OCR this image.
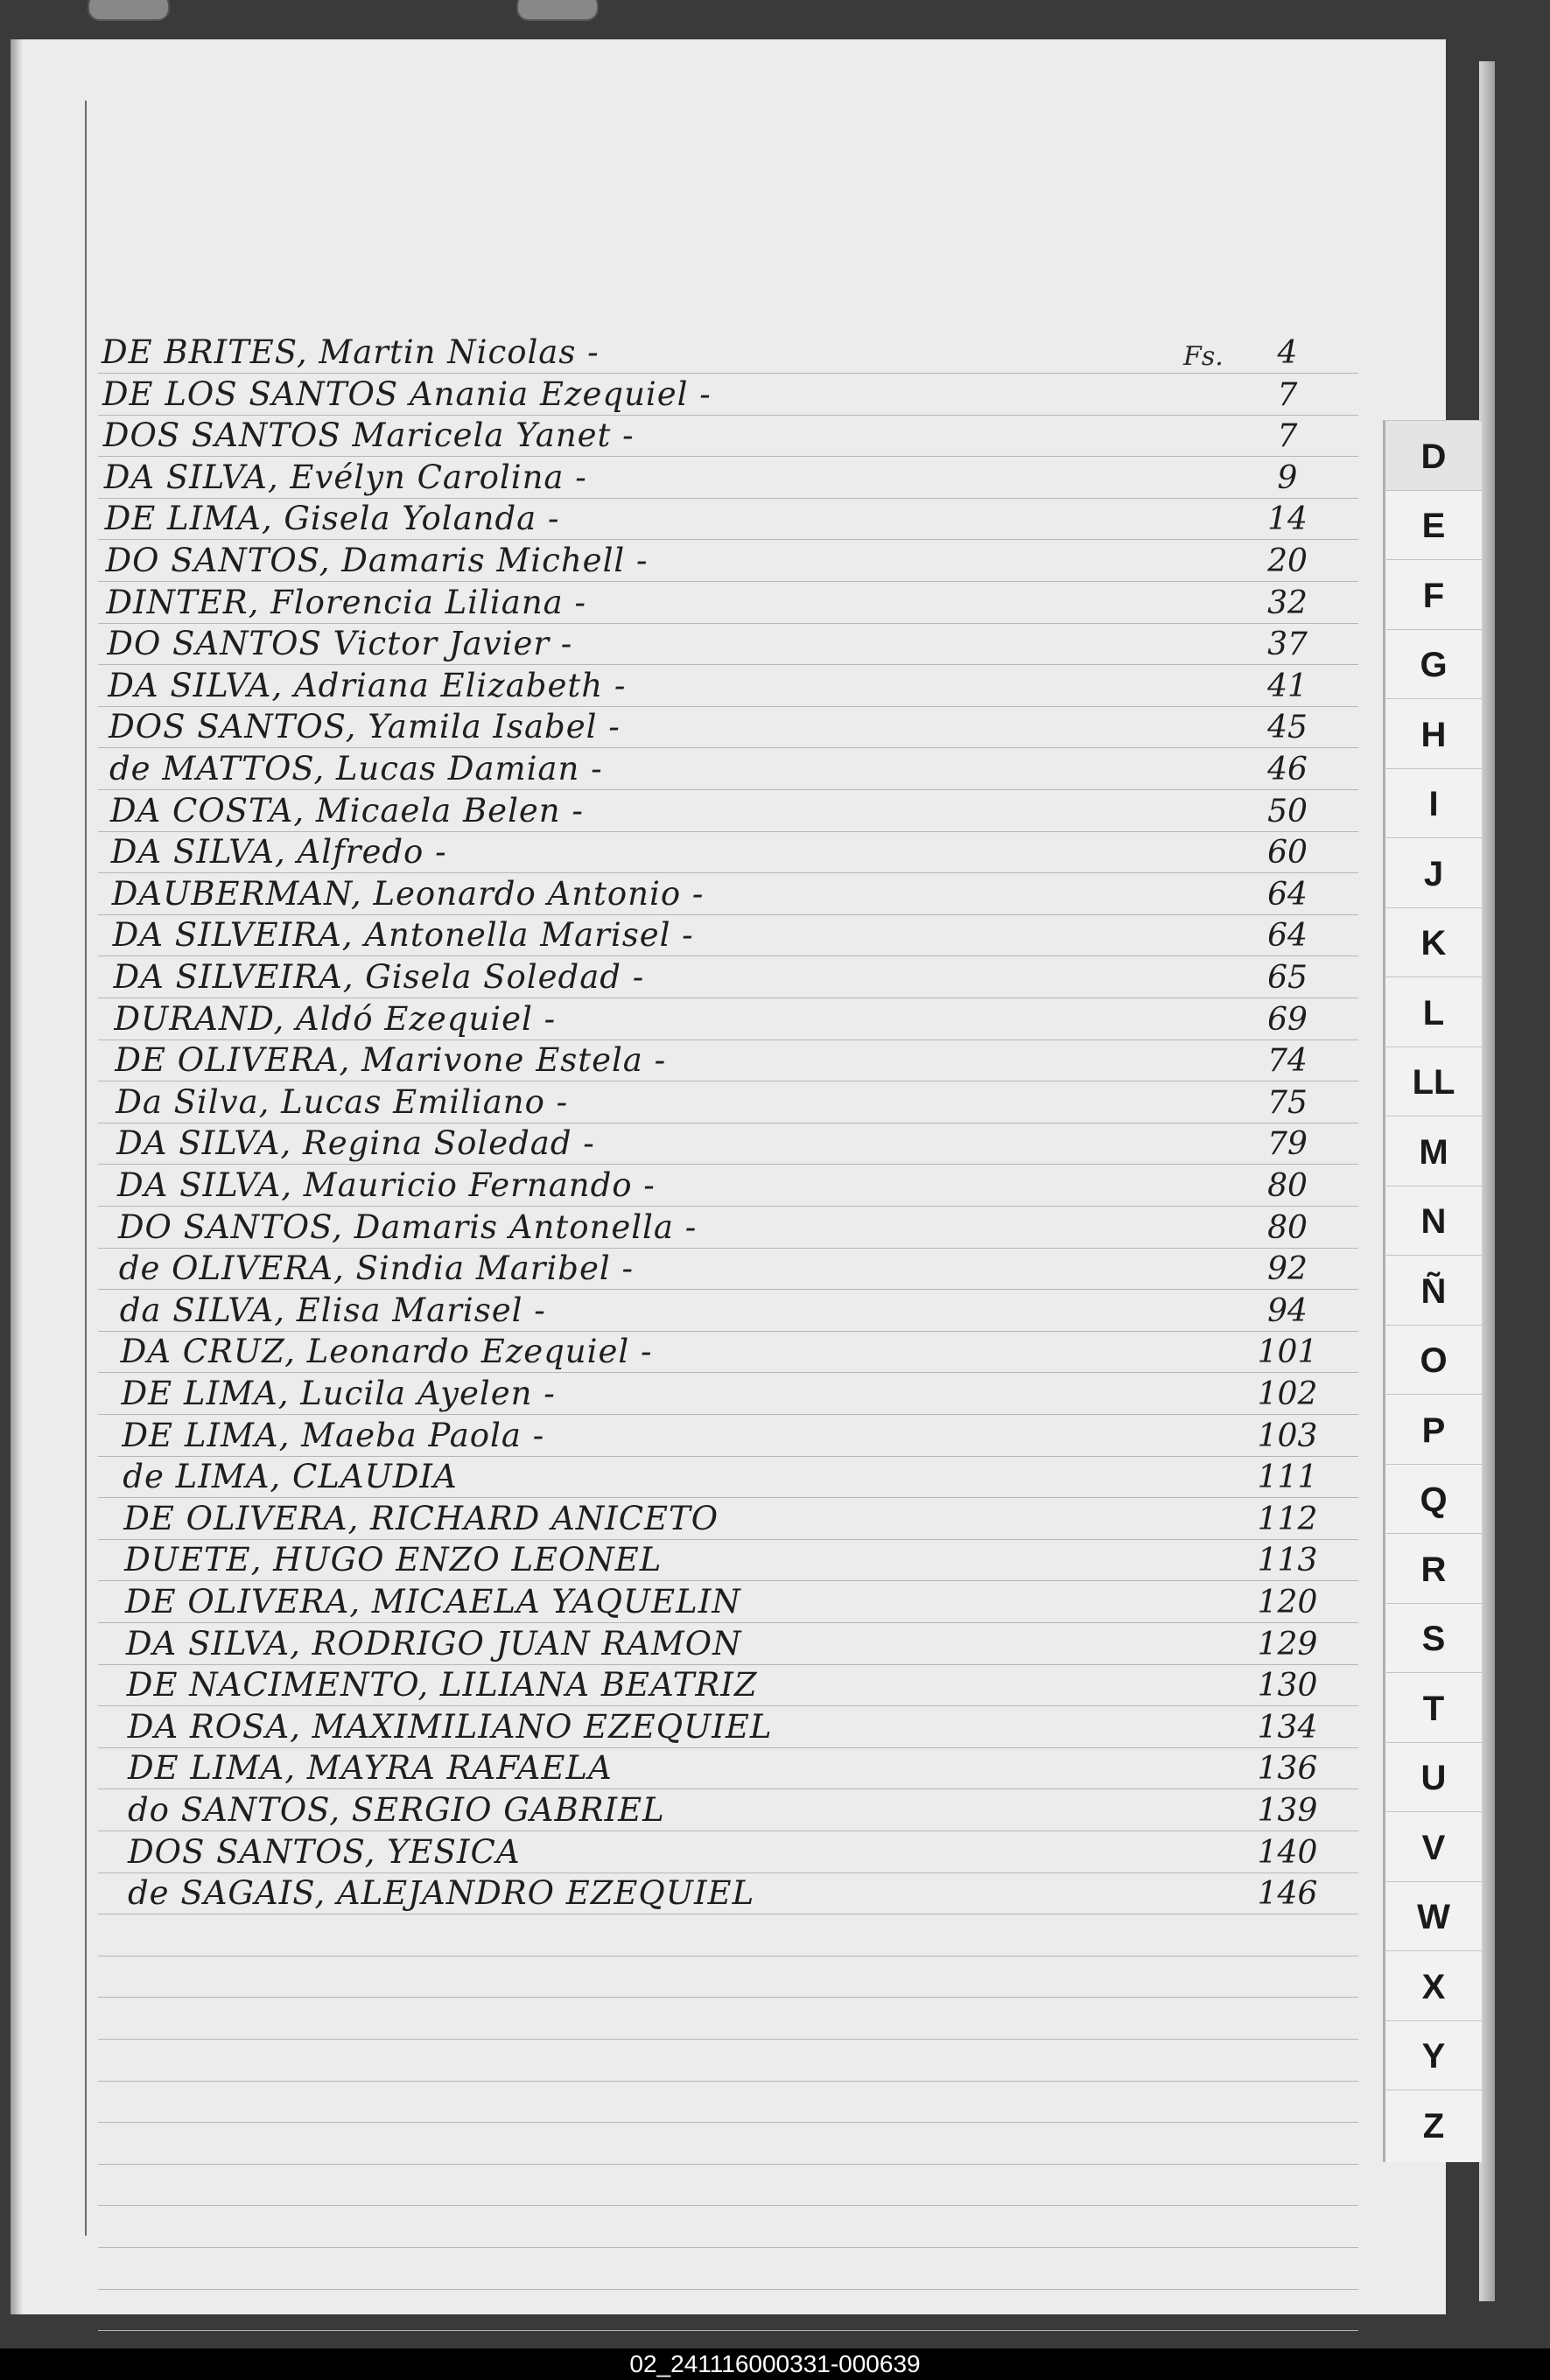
Fs.
DE BRITES, Martin Nicolas -	4
DE LOS SANTOS Anania Ezequiel -	7
DOS SANTOS Maricela Yanet -	7
DA SILVA, Evélyn Carolina -	9
DE LIMA, Gisela Yolanda -	14
DO SANTOS, Damaris Michell -	20
DINTER, Florencia Liliana -	32
DO SANTOS Victor Javier -	37
DA SILVA, Adriana Elizabeth -	41
DOS SANTOS, Yamila Isabel -	45
de MATTOS, Lucas Damian -	46
DA COSTA, Micaela Belen -	50
DA SILVA, Alfredo -	60
DAUBERMAN, Leonardo Antonio -	64
DA SILVEIRA, Antonella Marisel -	64
DA SILVEIRA, Gisela Soledad -	65
DURAND, Aldó Ezequiel -	69
DE OLIVERA, Marivone Estela -	74
Da Silva, Lucas Emiliano -	75
DA SILVA, Regina Soledad -	79
DA SILVA, Mauricio Fernando -	80
DO SANTOS, Damaris Antonella -	80
de OLIVERA, Sindia Maribel -	92
da SILVA, Elisa Marisel -	94
DA CRUZ, Leonardo Ezequiel -	101
DE LIMA, Lucila Ayelen -	102
DE LIMA, Maeba Paola -	103
de LIMA, CLAUDIA	111
DE OLIVERA, RICHARD ANICETO	112
DUETE, HUGO ENZO LEONEL	113
DE OLIVERA, MICAELA YAQUELIN	120
DA SILVA, RODRIGO JUAN RAMON	129
DE NACIMENTO, LILIANA BEATRIZ	130
DA ROSA, MAXIMILIANO EZEQUIEL	134
DE LIMA, MAYRA RAFAELA	136
do SANTOS, SERGIO GABRIEL	139
DOS SANTOS, YESICA	140
de SAGAIS, ALEJANDRO EZEQUIEL	146
D
E
F
G
H
I
J
K
L
LL
M
N
Ñ
O
P
Q
R
S
T
U
V
W
X
Y
Z
02_241116000331-000639
